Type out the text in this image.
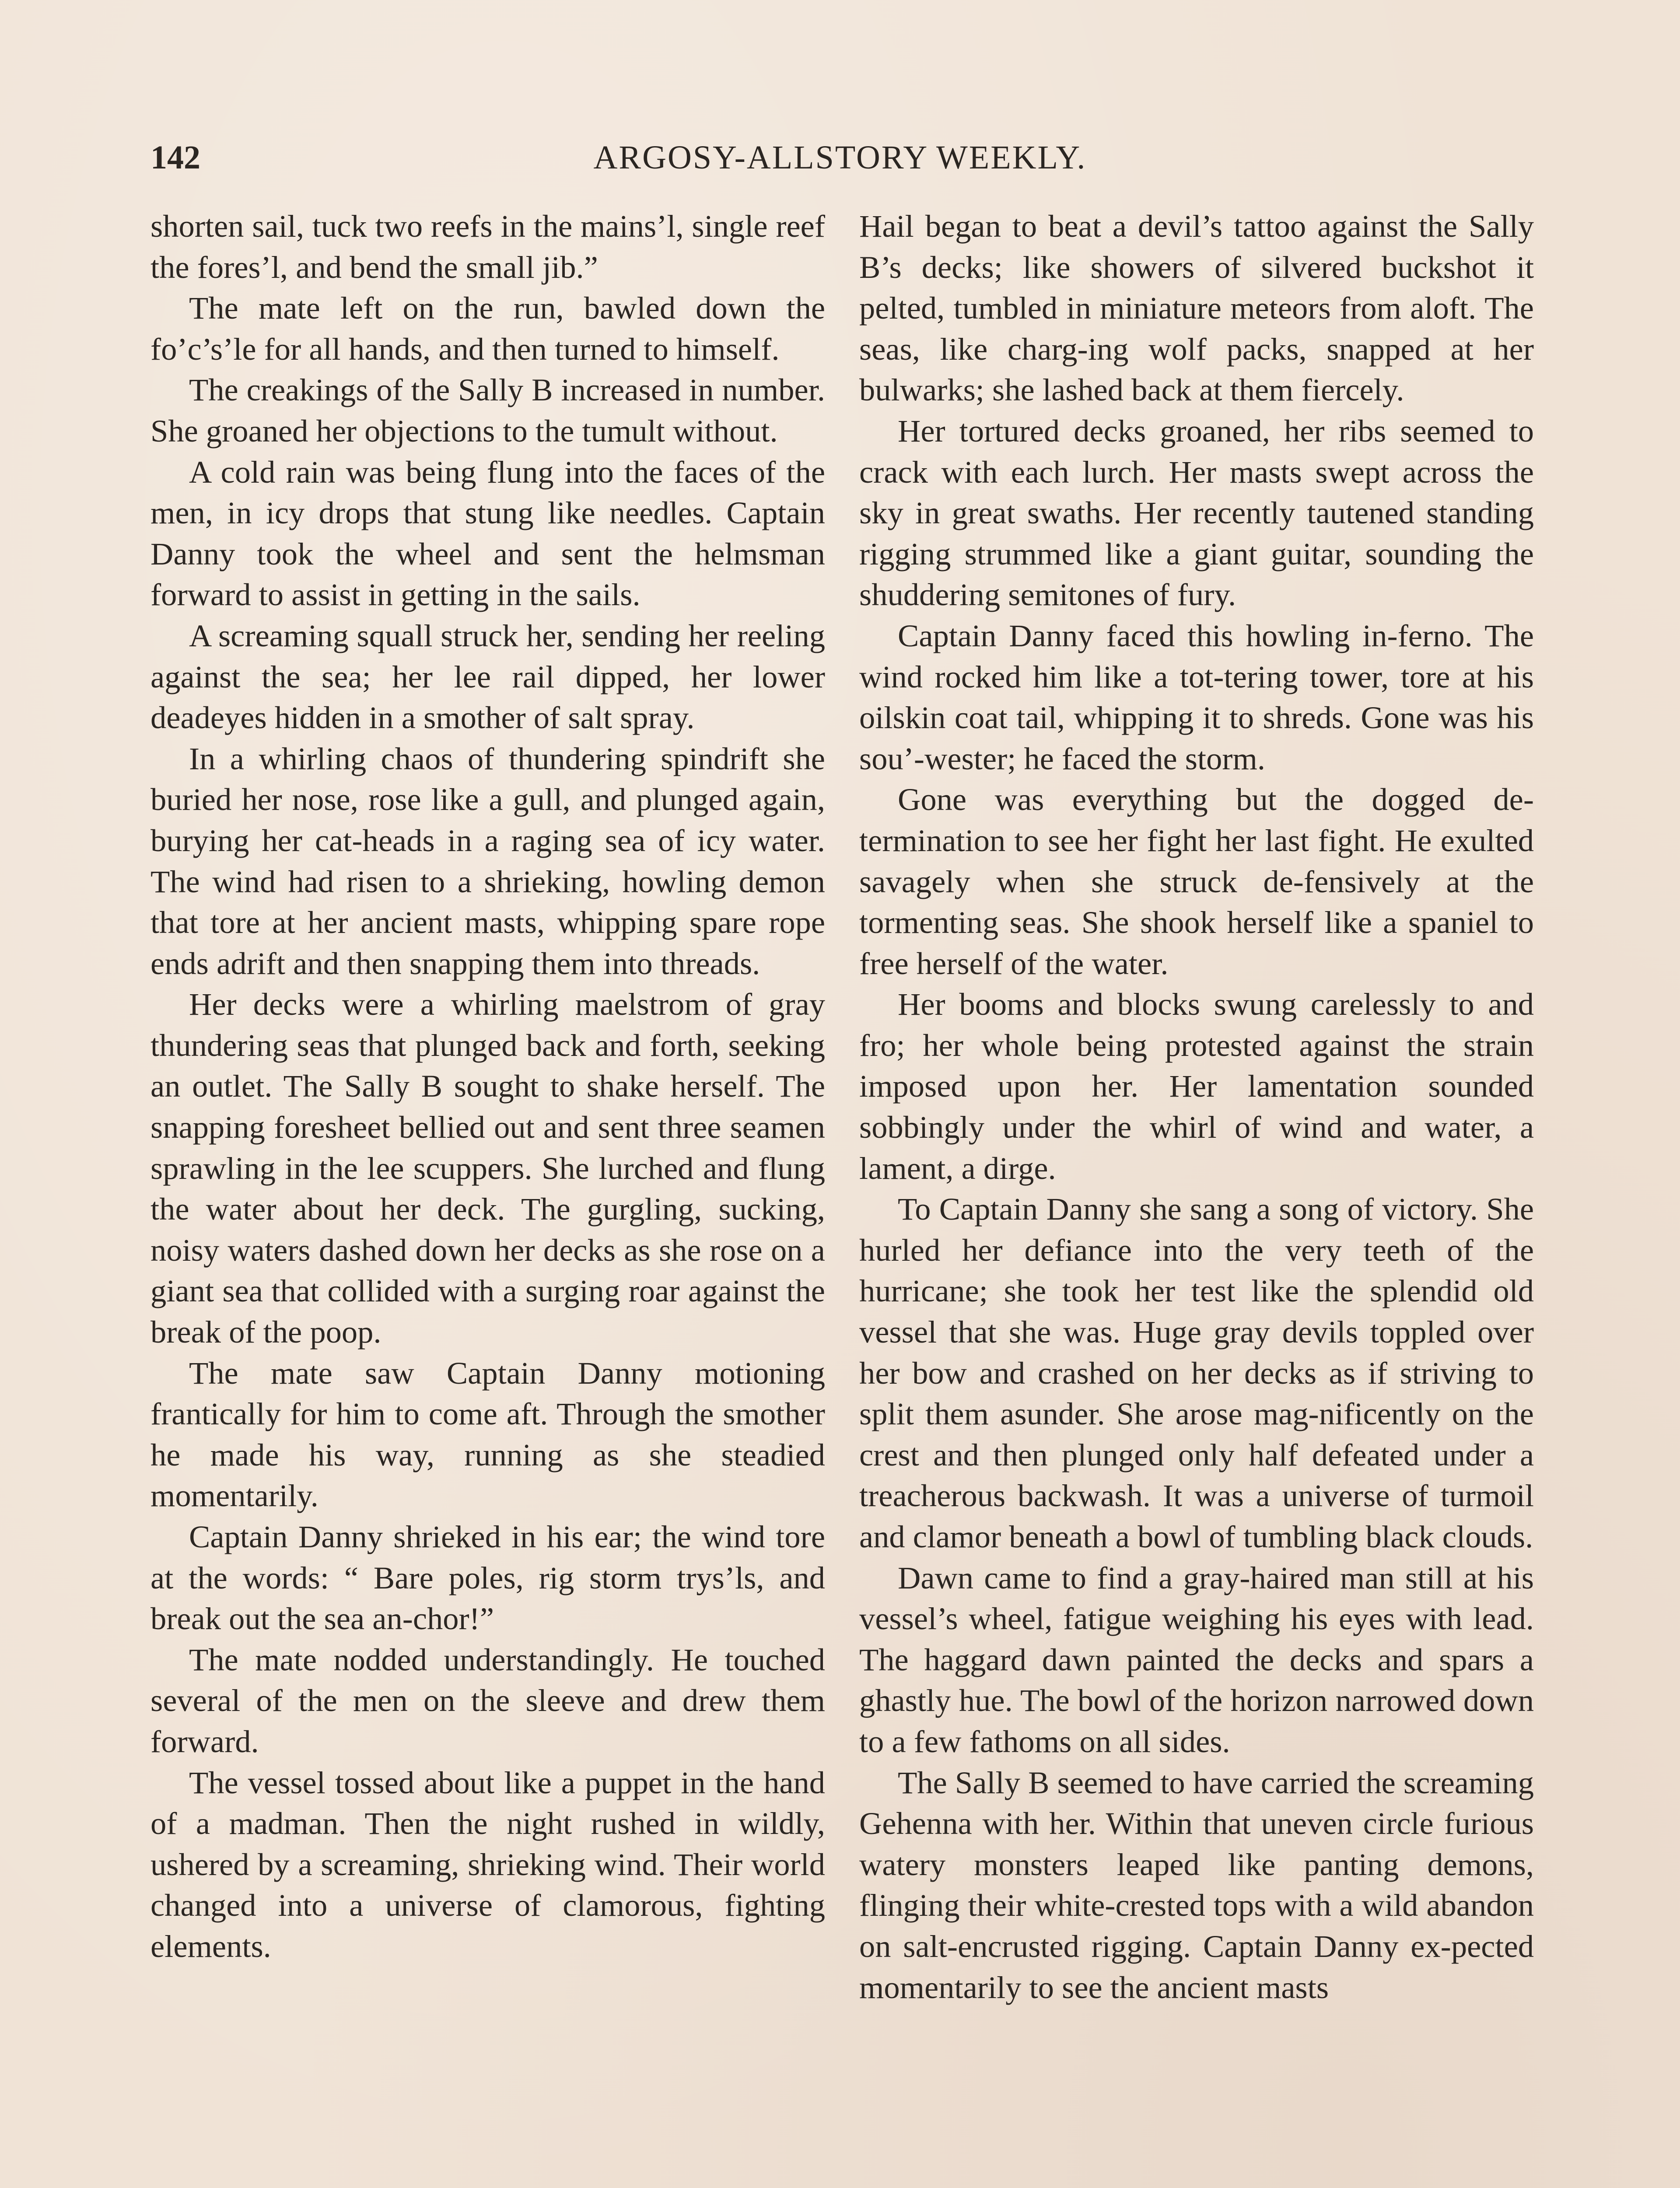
142	ARGOSY-ALLSTORY WEEKLY.

shorten sail, tuck two reefs in the mains’l, single reef the fores’l, and bend the small jib.”

The mate left on the run, bawled down the fo’c’s’le for all hands, and then turned to himself.

The creakings of the Sally B increased in number. She groaned her objections to the tumult without.

A cold rain was being flung into the faces of the men, in icy drops that stung like needles. Captain Danny took the wheel and sent the helmsman forward to assist in getting in the sails.

A screaming squall struck her, sending her reeling against the sea; her lee rail dipped, her lower deadeyes hidden in a smother of salt spray.

In a whirling chaos of thundering spindrift she buried her nose, rose like a gull, and plunged again, burying her cat-heads in a raging sea of icy water. The wind had risen to a shrieking, howling demon that tore at her ancient masts, whipping spare rope ends adrift and then snapping them into threads.

Her decks were a whirling maelstrom of gray thundering seas that plunged back and forth, seeking an outlet. The Sally B sought to shake herself. The snapping foresheet bellied out and sent three seamen sprawling in the lee scuppers. She lurched and flung the water about her deck. The gurgling, sucking, noisy waters dashed down her decks as she rose on a giant sea that collided with a surging roar against the break of the poop.

The mate saw Captain Danny motioning frantically for him to come aft. Through the smother he made his way, running as she steadied momentarily.

Captain Danny shrieked in his ear; the wind tore at the words: “ Bare poles, rig storm trys’ls, and break out the sea an-chor!”

The mate nodded understandingly. He touched several of the men on the sleeve and drew them forward.

The vessel tossed about like a puppet in the hand of a madman. Then the night rushed in wildly, ushered by a screaming, shrieking wind. Their world changed into a universe of clamorous, fighting elements.

Hail began to beat a devil’s tattoo against the Sally B’s decks; like showers of silvered buckshot it pelted, tumbled in miniature meteors from aloft. The seas, like charg-ing wolf packs, snapped at her bulwarks; she lashed back at them fiercely.

Her tortured decks groaned, her ribs seemed to crack with each lurch. Her masts swept across the sky in great swaths. Her recently tautened standing rigging strummed like a giant guitar, sounding the shuddering semitones of fury.

Captain Danny faced this howling in-ferno. The wind rocked him like a tot-tering tower, tore at his oilskin coat tail, whipping it to shreds. Gone was his sou’-wester; he faced the storm.

Gone was everything but the dogged de-termination to see her fight her last fight. He exulted savagely when she struck de-fensively at the tormenting seas. She shook herself like a spaniel to free herself of the water.

Her booms and blocks swung carelessly to and fro; her whole being protested against the strain imposed upon her. Her lamentation sounded sobbingly under the whirl of wind and water, a lament, a dirge.

To Captain Danny she sang a song of victory. She hurled her defiance into the very teeth of the hurricane; she took her test like the splendid old vessel that she was. Huge gray devils toppled over her bow and crashed on her decks as if striving to split them asunder. She arose mag-nificently on the crest and then plunged only half defeated under a treacherous backwash. It was a universe of turmoil and clamor beneath a bowl of tumbling black clouds.

Dawn came to find a gray-haired man still at his vessel’s wheel, fatigue weighing his eyes with lead. The haggard dawn painted the decks and spars a ghastly hue. The bowl of the horizon narrowed down to a few fathoms on all sides.

The Sally B seemed to have carried the screaming Gehenna with her. Within that uneven circle furious watery monsters leaped like panting demons, flinging their white-crested tops with a wild abandon on salt-encrusted rigging. Captain Danny ex-pected momentarily to see the ancient masts
